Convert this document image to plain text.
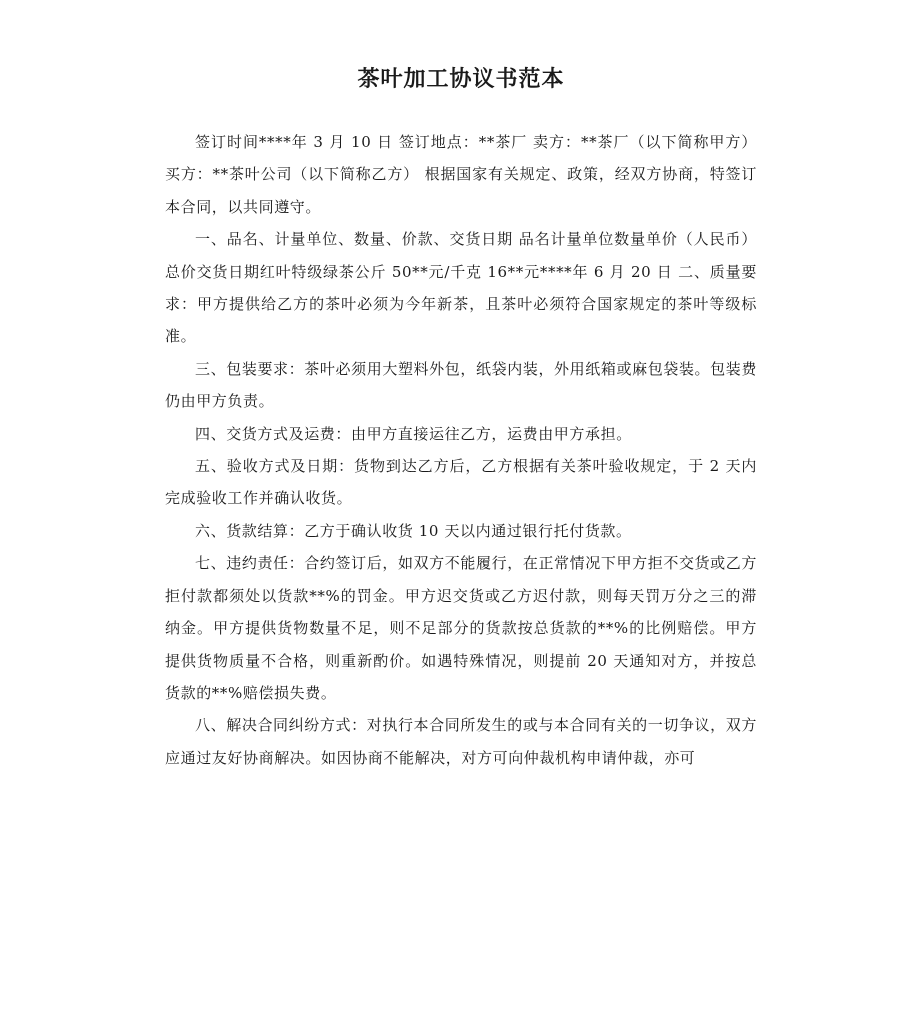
茶叶加工协议书范本

签订时间****年 3 月 10 日 签订地点：**茶厂 卖方：**茶厂（以下简称甲方）买方：**茶叶公司（以下简称乙方） 根据国家有关规定、政策，经双方协商，特签订本合同，以共同遵守。

一、品名、计量单位、数量、价款、交货日期 品名计量单位数量单价（人民币）总价交货日期红叶特级绿茶公斤 50**元/千克 16**元****年 6 月 20 日 二、质量要求：甲方提供给乙方的茶叶必须为今年新茶，且茶叶必须符合国家规定的茶叶等级标准。

三、包装要求：茶叶必须用大塑料外包，纸袋内装，外用纸箱或麻包袋装。包装费仍由甲方负责。

四、交货方式及运费：由甲方直接运往乙方，运费由甲方承担。

五、验收方式及日期：货物到达乙方后，乙方根据有关茶叶验收规定，于 2 天内完成验收工作并确认收货。

六、货款结算：乙方于确认收货 10 天以内通过银行托付货款。

七、违约责任：合约签订后，如双方不能履行，在正常情况下甲方拒不交货或乙方拒付款都须处以货款**%的罚金。甲方迟交货或乙方迟付款，则每天罚万分之三的滞纳金。甲方提供货物数量不足，则不足部分的货款按总货款的**%的比例赔偿。甲方提供货物质量不合格，则重新酌价。如遇特殊情况，则提前 20 天通知对方，并按总货款的**%赔偿损失费。

八、解决合同纠纷方式：对执行本合同所发生的或与本合同有关的一切争议，双方应通过友好协商解决。如因协商不能解决，对方可向仲裁机构申请仲裁，亦可
